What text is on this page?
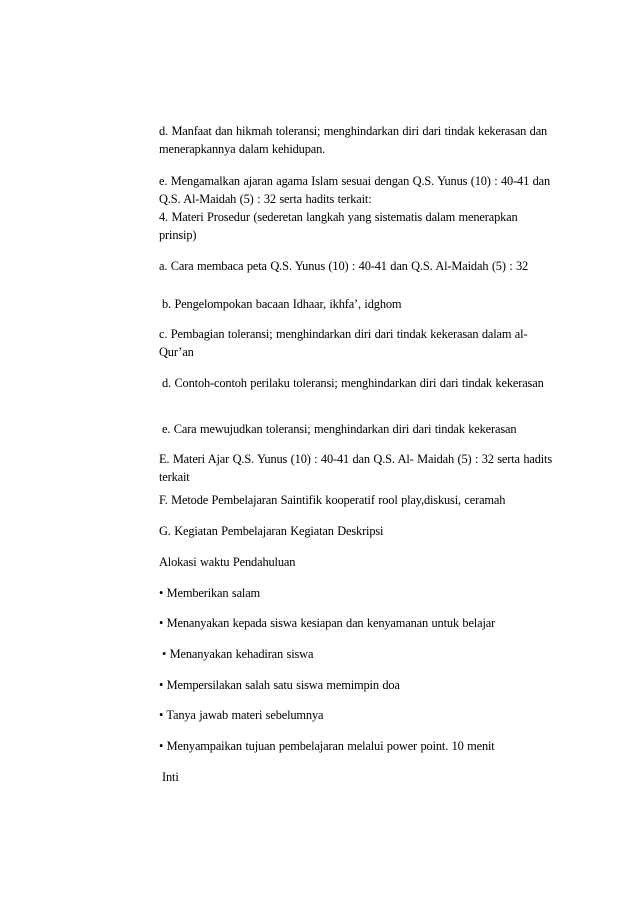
d. Manfaat dan hikmah toleransi; menghindarkan diri dari tindak kekerasan dan menerapkannya dalam kehidupan.
e. Mengamalkan ajaran agama Islam sesuai dengan Q.S. Yunus (10) : 40-41 dan Q.S. Al-Maidah (5) : 32 serta hadits terkait:
4. Materi Prosedur (sederetan langkah yang sistematis dalam menerapkan prinsip)
a. Cara membaca peta Q.S. Yunus (10) : 40-41 dan Q.S. Al-Maidah (5) : 32
b. Pengelompokan bacaan Idhaar, ikhfa’, idghom
c. Pembagian toleransi; menghindarkan diri dari tindak kekerasan dalam al-Qur’an
d. Contoh-contoh perilaku toleransi; menghindarkan diri dari tindak kekerasan
e. Cara mewujudkan toleransi; menghindarkan diri dari tindak kekerasan
E. Materi Ajar Q.S. Yunus (10) : 40-41 dan Q.S. Al- Maidah (5) : 32 serta hadits terkait
F. Metode Pembelajaran Saintifik kooperatif rool play,diskusi, ceramah
G. Kegiatan Pembelajaran Kegiatan Deskripsi
Alokasi waktu Pendahuluan
• Memberikan salam
• Menanyakan kepada siswa kesiapan dan kenyamanan untuk belajar
• Menanyakan kehadiran siswa
• Mempersilakan salah satu siswa memimpin doa
• Tanya jawab materi sebelumnya
• Menyampaikan tujuan pembelajaran melalui power point. 10 menit
Inti
